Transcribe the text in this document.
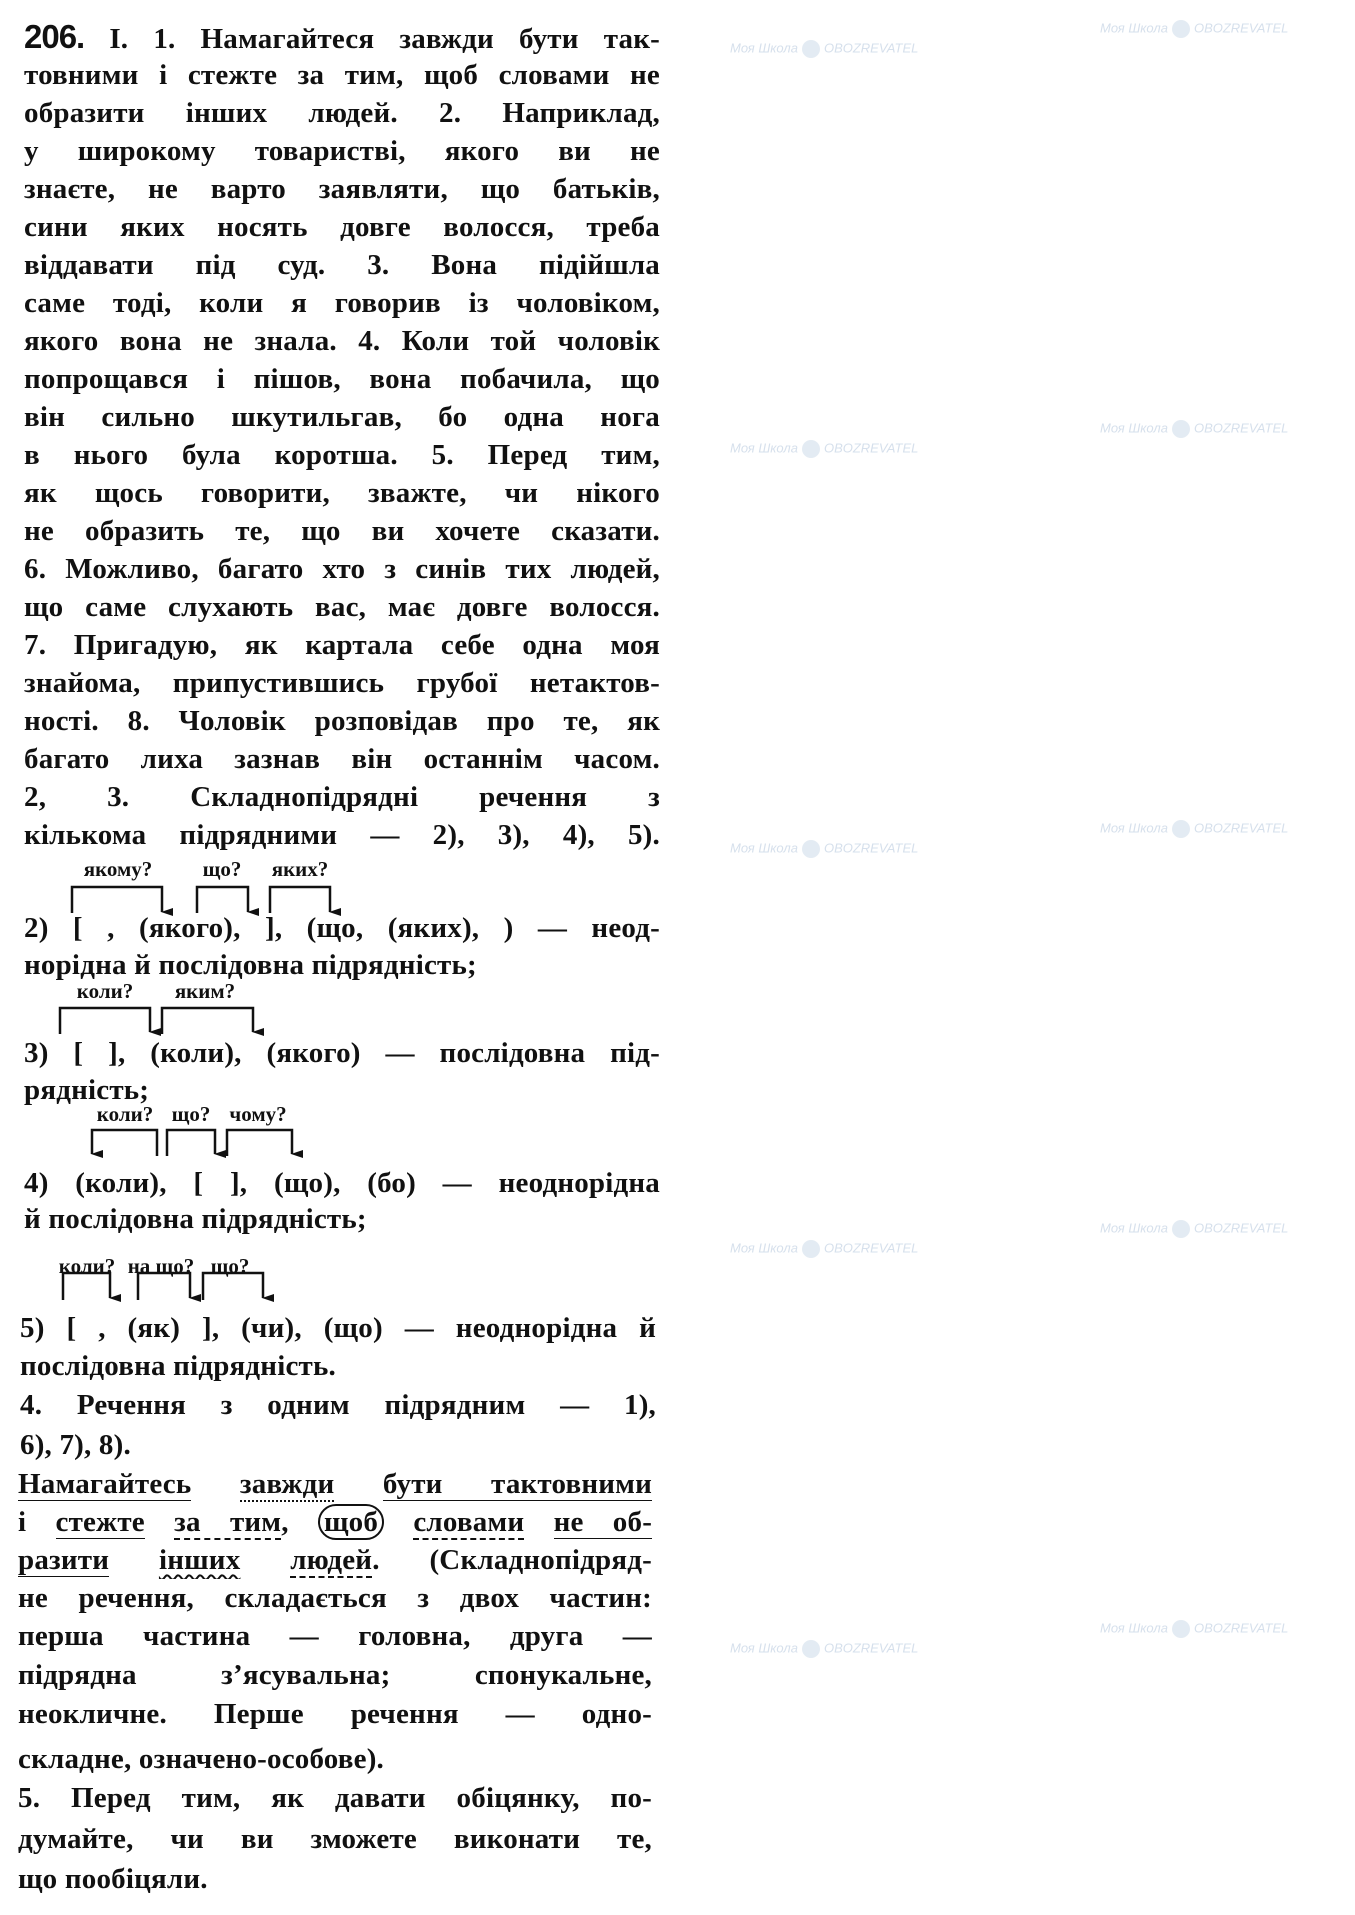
Моя Школа OBOZREVATEL
Моя Школа OBOZREVATEL
Моя Школа OBOZREVATEL
Моя Школа OBOZREVATEL
Моя Школа OBOZREVATEL
Моя Школа OBOZREVATEL
Моя Школа OBOZREVATEL
Моя Школа OBOZREVATEL
Моя Школа OBOZREVATEL
Моя Школа OBOZREVATEL
206. І. 1. Намагайтеся завжди бути так-
товними і стежте за тим, щоб словами не
образити інших людей. 2. Наприклад,
у широкому товаристві, якого ви не
знаєте, не варто заявляти, що батьків,
сини яких носять довге волосся, треба
віддавати під суд. 3. Вона підійшла
саме тоді, коли я говорив із чоловіком,
якого вона не знала. 4. Коли той чоловік
попрощався і пішов, вона побачила, що
він сильно шкутильгав, бо одна нога
в нього була коротша. 5. Перед тим,
як щось говорити, зважте, чи нікого
не образить те, що ви хочете сказати.
6. Можливо, багато хто з синів тих людей,
що саме слухають вас, має довге волосся.
7. Пригадую, як картала себе одна моя
знайома, припустившись грубої нетактов-
ності. 8. Чоловік розповідав про те, як
багато лиха зазнав він останнім часом.
2, 3. Складнопідрядні речення з
кількома підрядними — 2), 3), 4), 5).
якому? що? яких?
2) [ , (якого), ], (що, (яких), ) — неод-
норідна й послідовна підрядність;
коли? яким?
3) [ ], (коли), (якого) — послідовна під-
рядність;
коли? що? чому?
4) (коли), [ ], (що), (бо) — неоднорідна
й послідовна підрядність;
коли? на що? що?
5) [ , (як) ], (чи), (що) — неоднорідна й
послідовна підрядність.
4. Речення з одним підрядним — 1),
6), 7), 8).
Намагайтесь завжди бути тактовними
і стежте за тим, щоб словами не об-
разити інших людей. (Складнопідряд-
не речення, складається з двох частин:
перша частина — головна, друга —
підрядна з’ясувальна; спонукальне,
неокличне. Перше речення — одно-
складне, означено-особове).
5. Перед тим, як давати обіцянку, по-
думайте, чи ви зможете виконати те,
що пообіцяли.
